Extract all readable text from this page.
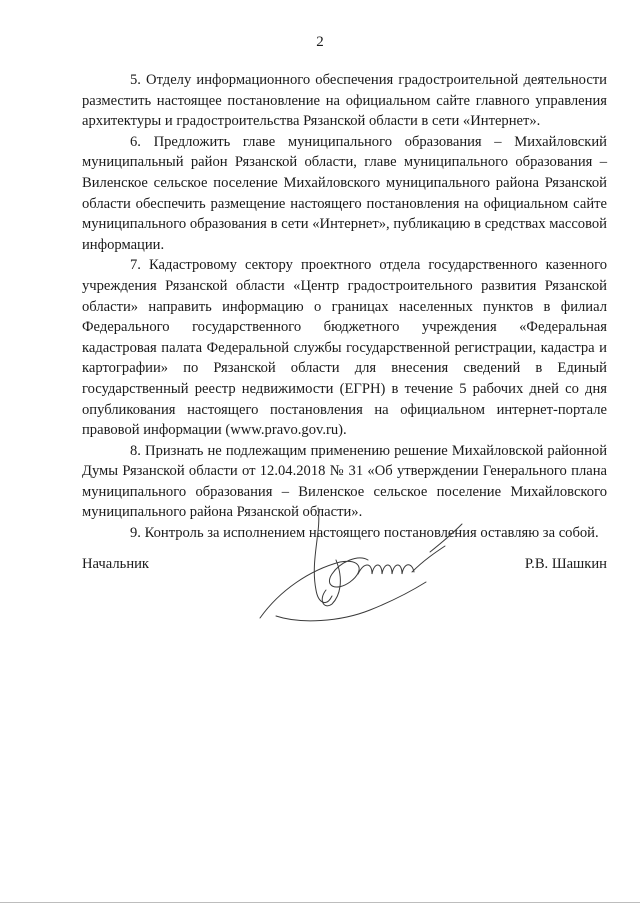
2

5. Отделу информационного обеспечения градостроительной деятельности разместить настоящее постановление на официальном сайте главного управления архитектуры и градостроительства Рязанской области в сети «Интернет».

6. Предложить главе муниципального образования – Михайловский муниципальный район Рязанской области, главе муниципального образования – Виленское сельское поселение Михайловского муниципального района Рязанской области обеспечить размещение настоящего постановления на официальном сайте муниципального образования в сети «Интернет», публикацию в средствах массовой информации.

7. Кадастровому сектору проектного отдела государственного казенного учреждения Рязанской области «Центр градостроительного развития Рязанской области» направить информацию о границах населенных пунктов в филиал Федерального государственного бюджетного учреждения «Федеральная кадастровая палата Федеральной службы государственной регистрации, кадастра и картографии» по Рязанской области для внесения сведений в Единый государственный реестр недвижимости (ЕГРН) в течение 5 рабочих дней со дня опубликования настоящего постановления на официальном интернет-портале правовой информации (www.pravo.gov.ru).

8. Признать не подлежащим применению решение Михайловской районной Думы Рязанской области от 12.04.2018 № 31 «Об утверждении Генерального плана муниципального образования – Виленское сельское поселение Михайловского муниципального района Рязанской области».

9. Контроль за исполнением настоящего постановления оставляю за собой.

Начальник	Р.В. Шашкин
